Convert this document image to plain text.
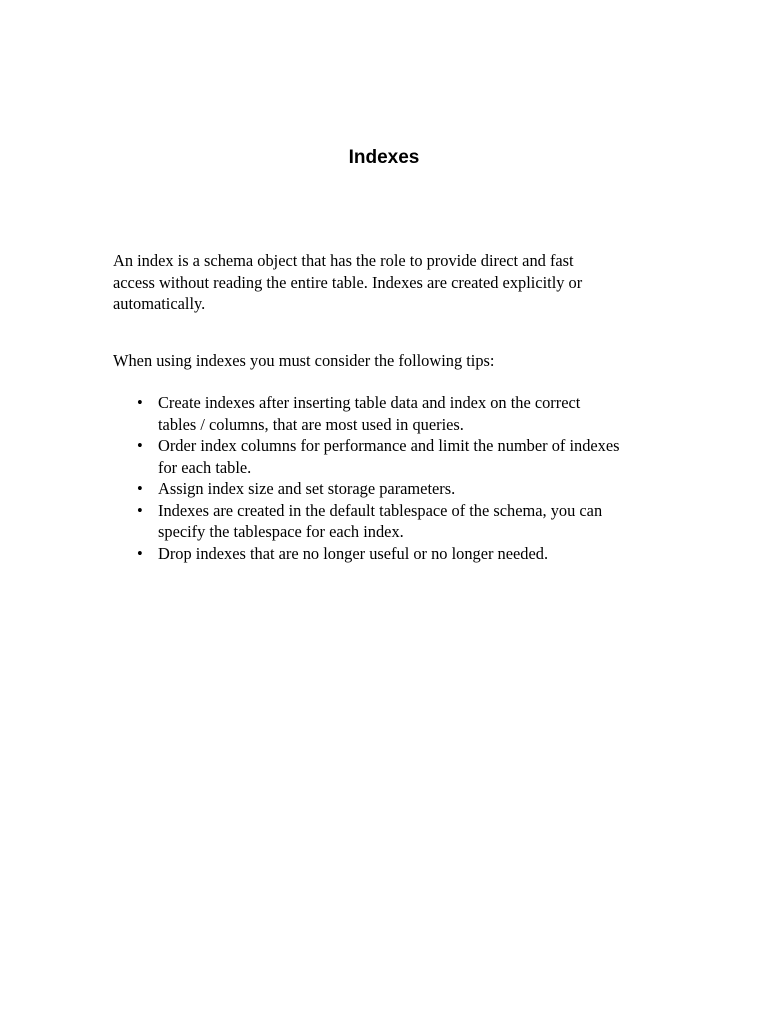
Indexes

An index is a schema object that has the role to provide direct and fast
access without reading the entire table. Indexes are created explicitly or
automatically.

When using indexes you must consider the following tips:

• Create indexes after inserting table data and index on the correct
tables / columns, that are most used in queries.
• Order index columns for performance and limit the number of indexes
for each table.
• Assign index size and set storage parameters.
• Indexes are created in the default tablespace of the schema, you can
specify the tablespace for each index.
• Drop indexes that are no longer useful or no longer needed.
